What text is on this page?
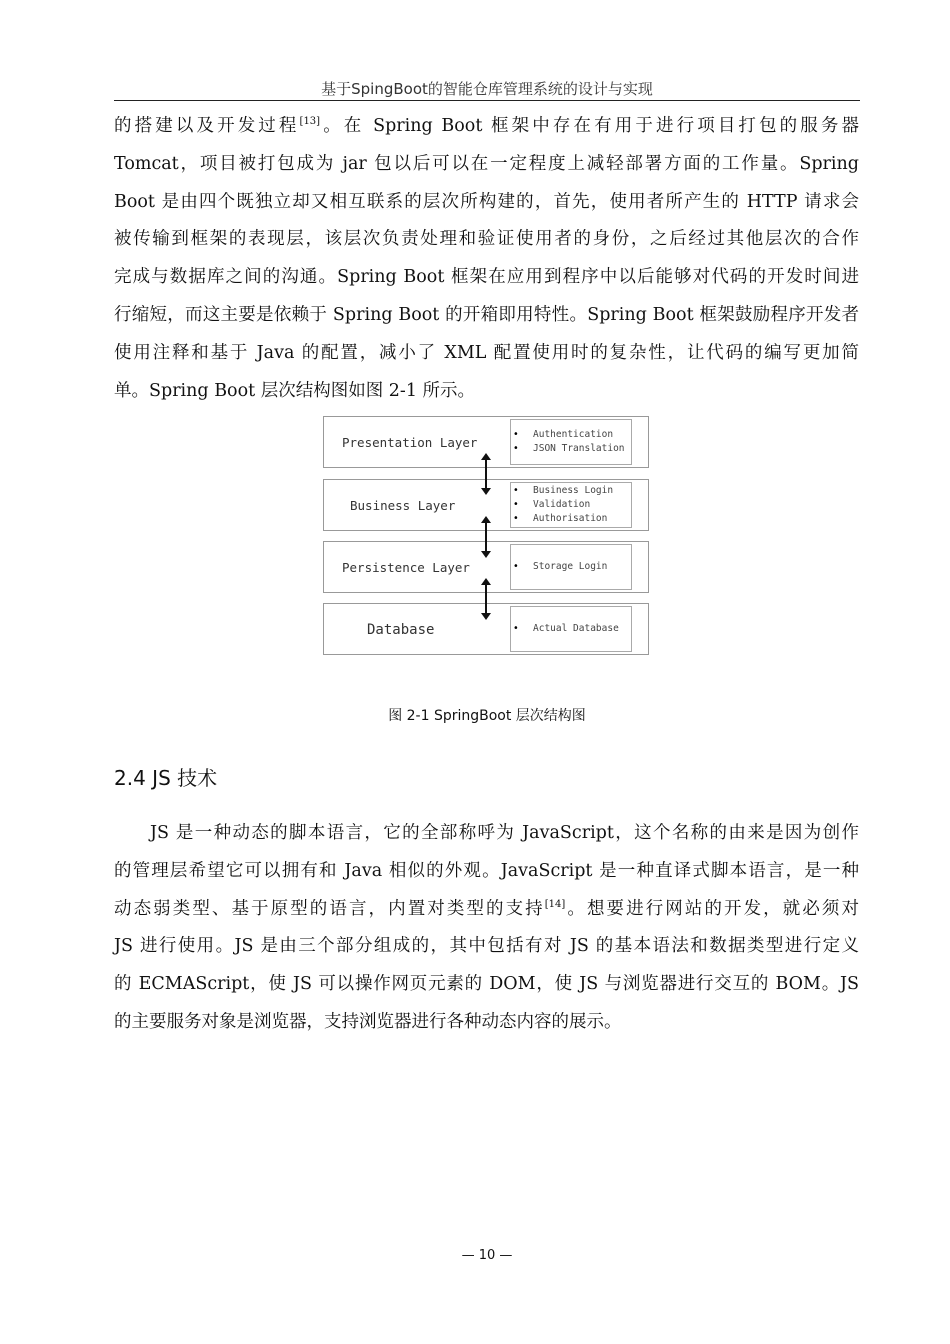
基于SpingBoot的智能仓库管理系统的设计与实现
的搭建以及开发过程[13]。在 Spring Boot 框架中存在有用于进行项目打包的服务器
Tomcat，项目被打包成为 jar 包以后可以在一定程度上减轻部署方面的工作量。Spring
Boot 是由四个既独立却又相互联系的层次所构建的，首先，使用者所产生的 HTTP 请求会
被传输到框架的表现层，该层次负责处理和验证使用者的身份，之后经过其他层次的合作
完成与数据库之间的沟通。Spring Boot 框架在应用到程序中以后能够对代码的开发时间进
行缩短，而这主要是依赖于 Spring Boot 的开箱即用特性。Spring Boot 框架鼓励程序开发者
使用注释和基于 Java 的配置，减小了 XML 配置使用时的复杂性，让代码的编写更加简
单。Spring Boot 层次结构图如图 2-1 所示。
Presentation Layer
• Authentication
• JSON Translation
Business Layer
• Business Login
• Validation
• Authorisation
Persistence Layer	• Storage Login
Database	• Actual Database
图 2-1 SpringBoot 层次结构图
2.4 JS 技术
JS 是一种动态的脚本语言，它的全部称呼为 JavaScript，这个名称的由来是因为创作
的管理层希望它可以拥有和 Java 相似的外观。JavaScript 是一种直译式脚本语言，是一种
动态弱类型、基于原型的语言，内置对类型的支持[14]。想要进行网站的开发，就必须对
JS 进行使用。JS 是由三个部分组成的，其中包括有对 JS 的基本语法和数据类型进行定义
的 ECMAScript，使 JS 可以操作网页元素的 DOM，使 JS 与浏览器进行交互的 BOM。JS
的主要服务对象是浏览器，支持浏览器进行各种动态内容的展示。
— 10 —
